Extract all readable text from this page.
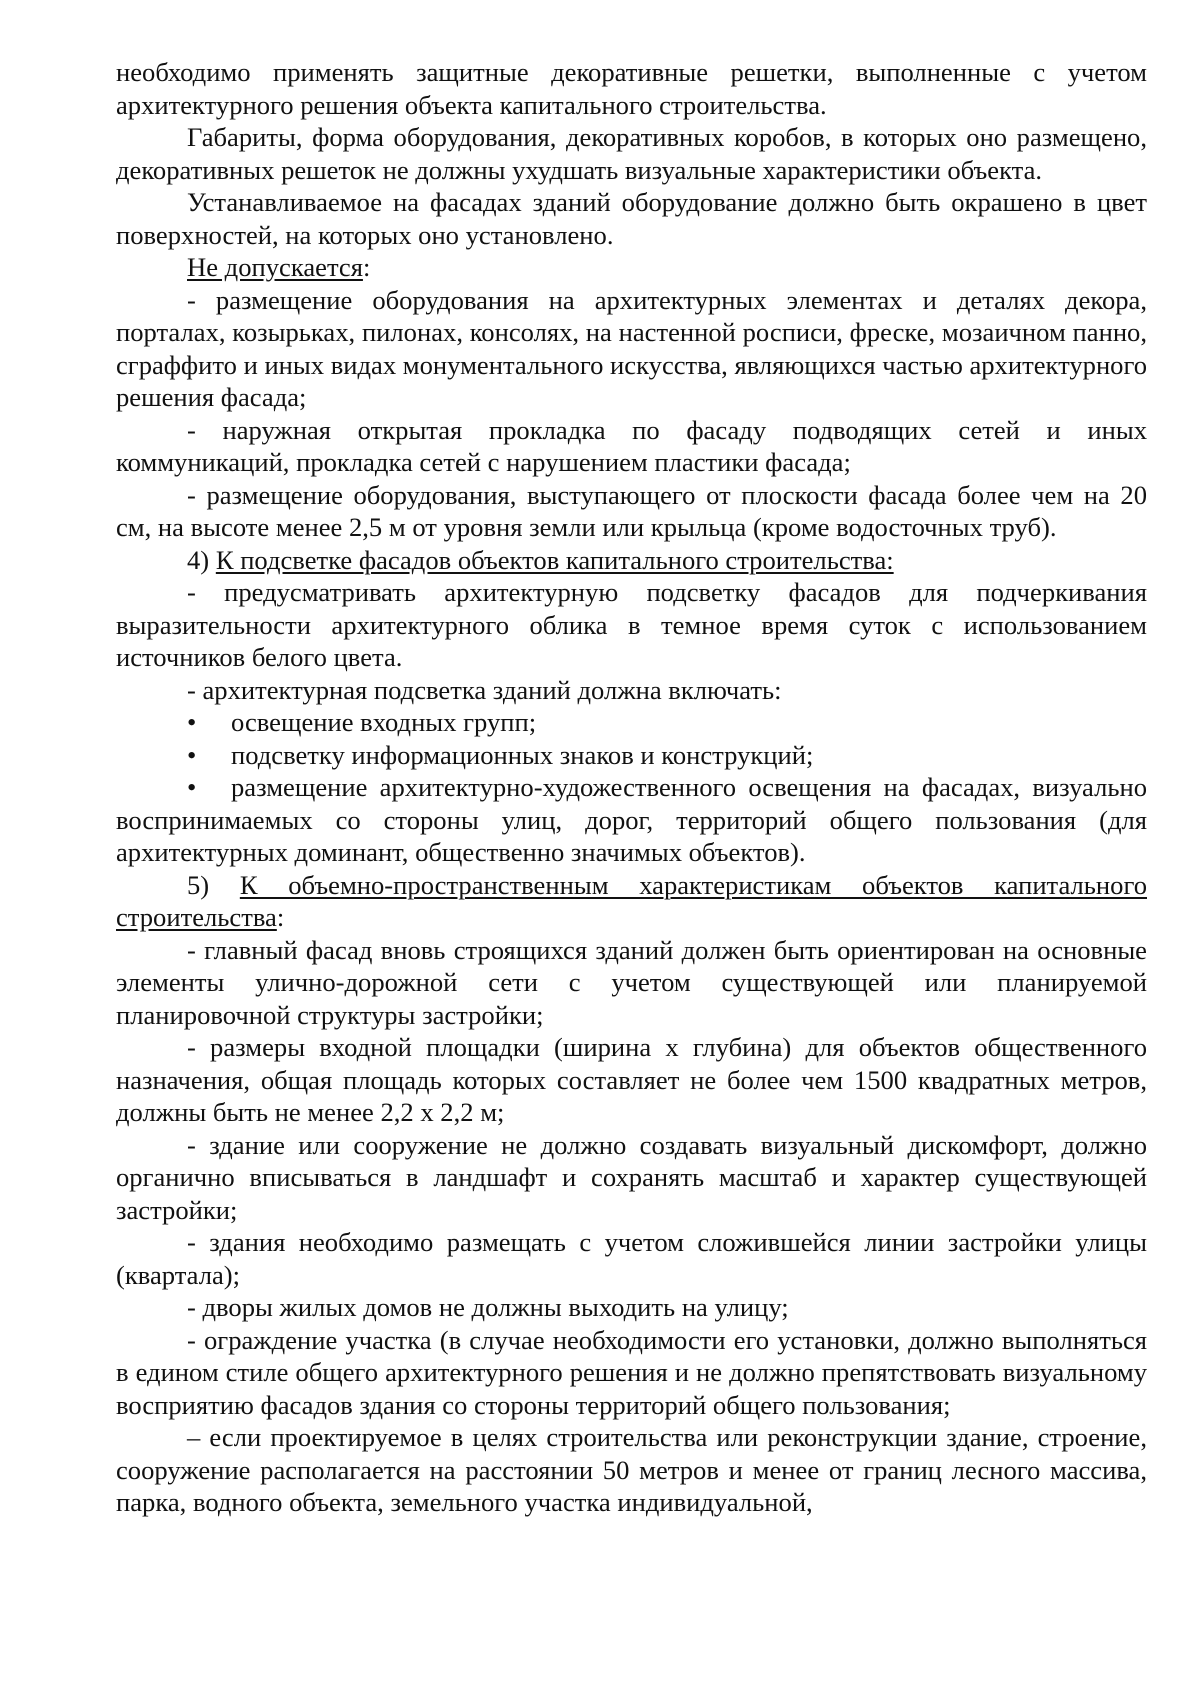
необходимо применять защитные декоративные решетки, выполненные с учетом архитектурного решения объекта капитального строительства.

Габариты, форма оборудования, декоративных коробов, в которых оно размещено, декоративных решеток не должны ухудшать визуальные характеристики объекта.

Устанавливаемое на фасадах зданий оборудование должно быть окрашено в цвет поверхностей, на которых оно установлено.

Не допускается:

- размещение оборудования на архитектурных элементах и деталях декора, порталах, козырьках, пилонах, консолях, на настенной росписи, фреске, мозаичном панно, сграффито и иных видах монументального искусства, являющихся частью архитектурного решения фасада;

- наружная открытая прокладка по фасаду подводящих сетей и иных коммуникаций, прокладка сетей с нарушением пластики фасада;

- размещение оборудования, выступающего от плоскости фасада более чем на 20 см, на высоте менее 2,5 м от уровня земли или крыльца (кроме водосточных труб).

4) К подсветке фасадов объектов капитального строительства:

- предусматривать архитектурную подсветку фасадов для подчеркивания выразительности архитектурного облика в темное время суток с использованием источников белого цвета.

- архитектурная подсветка зданий должна включать:

• освещение входных групп;

• подсветку информационных знаков и конструкций;

• размещение архитектурно-художественного освещения на фасадах, визуально воспринимаемых со стороны улиц, дорог, территорий общего пользования (для архитектурных доминант, общественно значимых объектов).

5) К объемно-пространственным характеристикам объектов капитального строительства:

- главный фасад вновь строящихся зданий должен быть ориентирован на основные элементы улично-дорожной сети с учетом существующей или планируемой планировочной структуры застройки;

- размеры входной площадки (ширина х глубина) для объектов общественного назначения, общая площадь которых составляет не более чем 1500 квадратных метров, должны быть не менее 2,2 х 2,2 м;

- здание или сооружение не должно создавать визуальный дискомфорт, должно органично вписываться в ландшафт и сохранять масштаб и характер существующей застройки;

- здания необходимо размещать с учетом сложившейся линии застройки улицы (квартала);

- дворы жилых домов не должны выходить на улицу;

- ограждение участка (в случае необходимости его установки, должно выполняться в едином стиле общего архитектурного решения и не должно препятствовать визуальному восприятию фасадов здания со стороны территорий общего пользования;

– если проектируемое в целях строительства или реконструкции здание, строение, сооружение располагается на расстоянии 50 метров и менее от границ лесного массива, парка, водного объекта, земельного участка индивидуальной,
